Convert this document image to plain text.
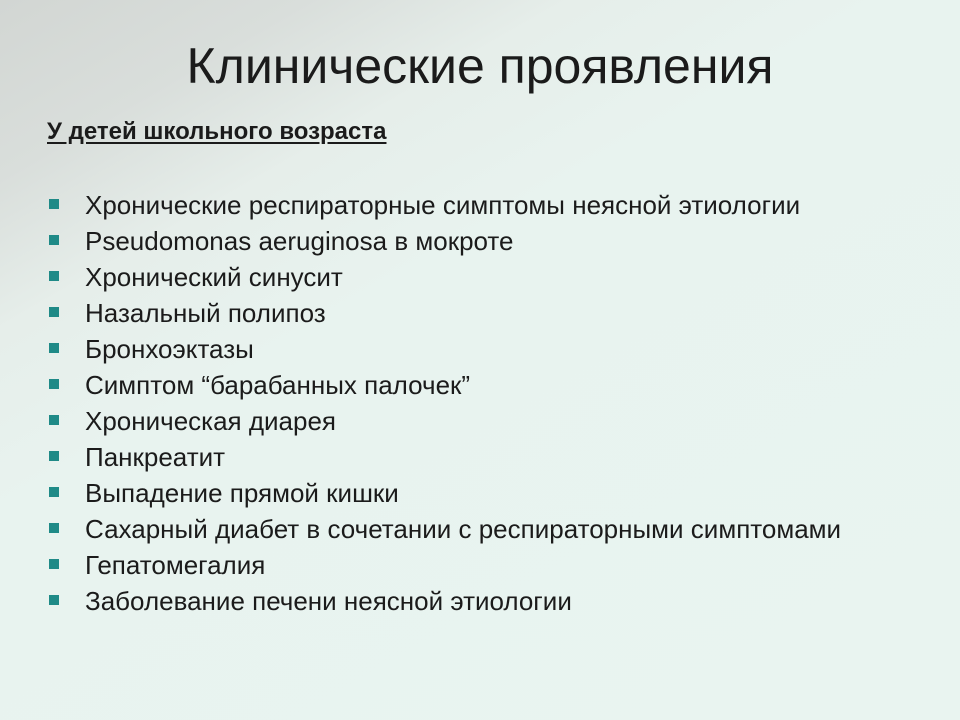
Клинические проявления
У детей школьного возраста
Хронические респираторные симптомы неясной этиологии
Pseudomonas aeruginosa в мокроте
Хронический синусит
Назальный полипоз
Бронхоэктазы
Симптом “барабанных палочек”
Хроническая диарея
Панкреатит
Выпадение прямой кишки
Сахарный диабет в сочетании с респираторными симптомами
Гепатомегалия
Заболевание печени неясной этиологии
